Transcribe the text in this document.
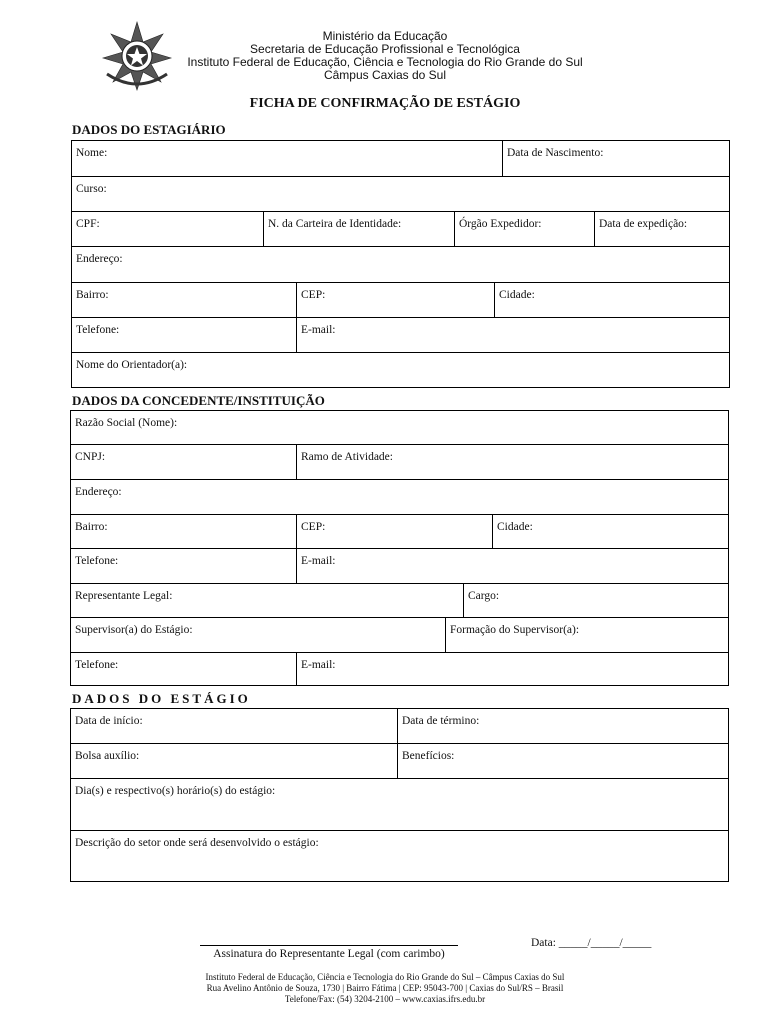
Ministério da Educação
Secretaria de Educação Profissional e Tecnológica
Instituto Federal de Educação, Ciência e Tecnologia do Rio Grande do Sul
Câmpus Caxias do Sul
FICHA DE CONFIRMAÇÃO DE ESTÁGIO
DADOS DO ESTAGIÁRIO
Nome:	Data de Nascimento:
Curso:
CPF:	N. da Carteira de Identidade:	Órgão Expedidor:	Data de expedição:
Endereço:
Bairro:	CEP:	Cidade:
Telefone:	E-mail:
Nome do Orientador(a):
DADOS DA CONCEDENTE/INSTITUIÇÃO
Razão Social (Nome):
CNPJ:	Ramo de Atividade:
Endereço:
Bairro:	CEP:	Cidade:
Telefone:	E-mail:
Representante Legal:	Cargo:
Supervisor(a) do Estágio:	Formação do Supervisor(a):
Telefone:	E-mail:
DADOS DO ESTÁGIO
Data de início:	Data de término:
Bolsa auxílio:	Benefícios:
Dia(s) e respectivo(s) horário(s) do estágio:
Descrição do setor onde será desenvolvido o estágio:
Assinatura do Representante Legal (com carimbo)
Data: _____/_____/_____
Instituto Federal de Educação, Ciência e Tecnologia do Rio Grande do Sul – Câmpus Caxias do Sul
Rua Avelino Antônio de Souza, 1730 | Bairro Fátima | CEP: 95043-700 | Caxias do Sul/RS – Brasil
Telefone/Fax: (54) 3204-2100 – www.caxias.ifrs.edu.br
